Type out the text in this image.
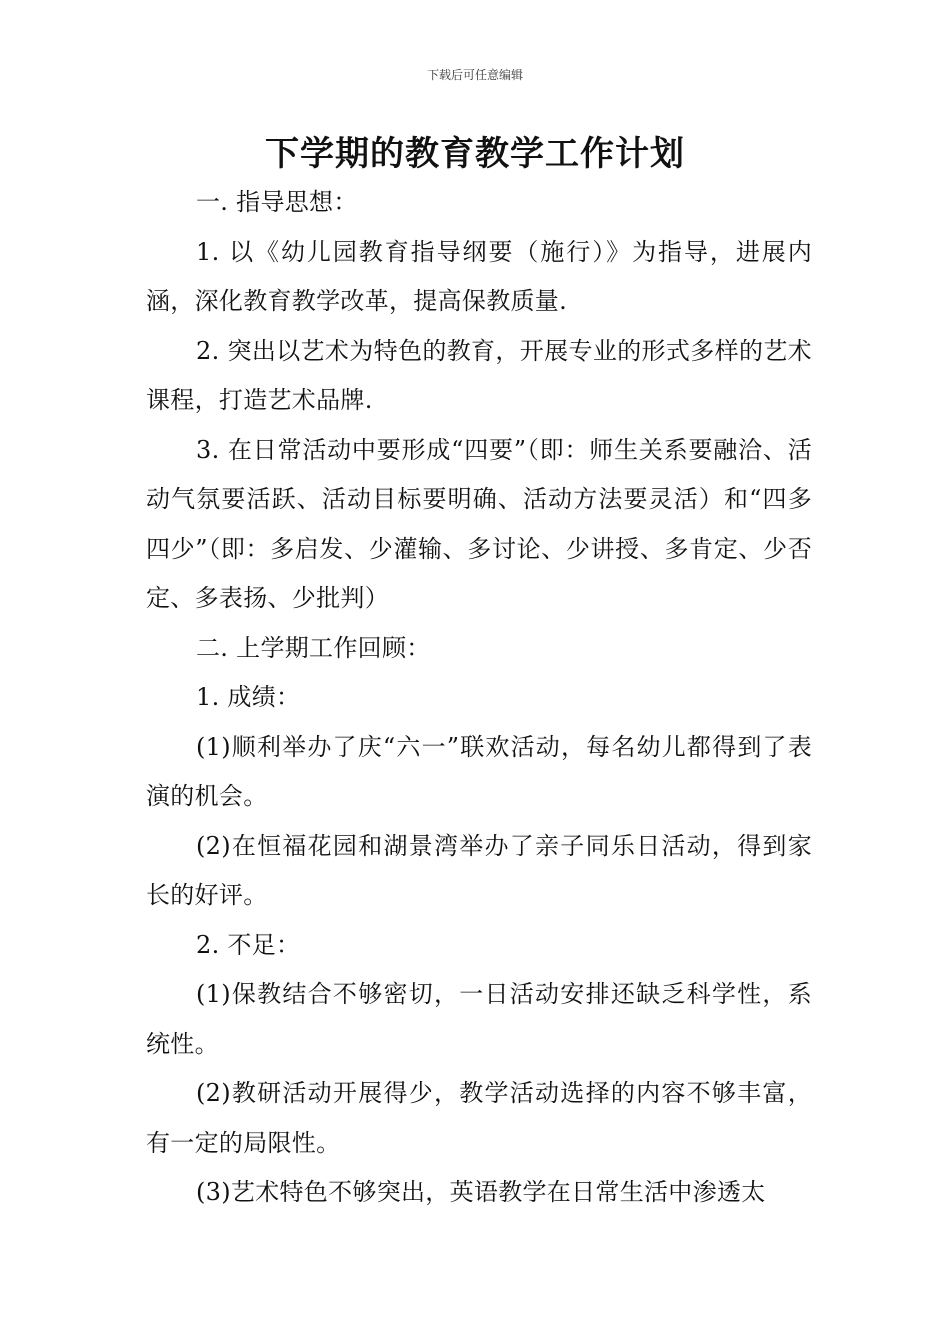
下载后可任意编辑
下学期的教育教学工作计划

一. 指导思想：

1. 以《幼儿园教育指导纲要（施行）》为指导，进展内涵，深化教育教学改革，提高保教质量.

2. 突出以艺术为特色的教育，开展专业的形式多样的艺术课程，打造艺术品牌.

3. 在日常活动中要形成“四要”（即：师生关系要融洽、活动气氛要活跃、活动目标要明确、活动方法要灵活）和“四多四少”（即：多启发、少灌输、多讨论、少讲授、多肯定、少否定、多表扬、少批判）

二. 上学期工作回顾：

1. 成绩：

(1)顺利举办了庆“六一”联欢活动，每名幼儿都得到了表演的机会。

(2)在恒福花园和湖景湾举办了亲子同乐日活动，得到家长的好评。

2. 不足：

(1)保教结合不够密切，一日活动安排还缺乏科学性，系统性。

(2)教研活动开展得少，教学活动选择的内容不够丰富，有一定的局限性。

(3)艺术特色不够突出，英语教学在日常生活中渗透太
